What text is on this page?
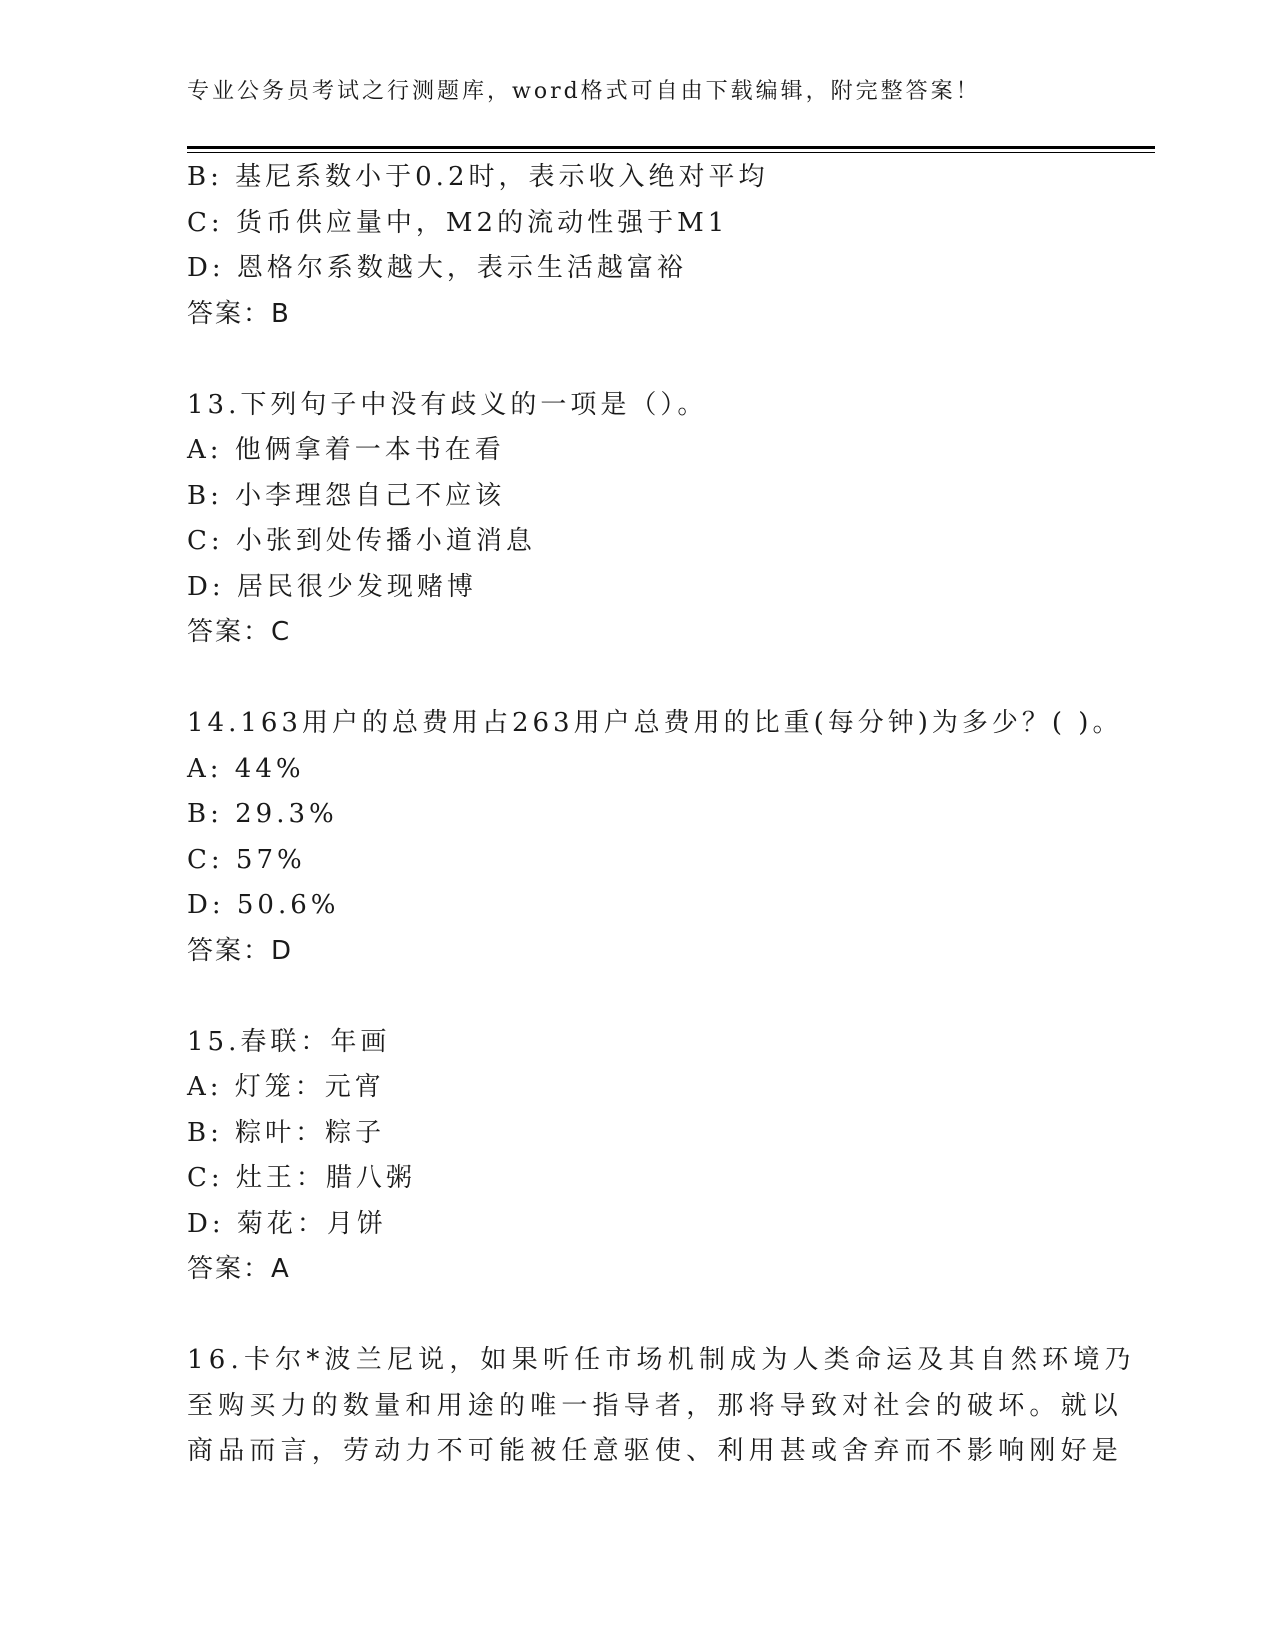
专业公务员考试之行测题库，word格式可自由下载编辑，附完整答案！
B: 基尼系数小于0.2时，表示收入绝对平均
C: 货币供应量中，M2的流动性强于M1
D: 恩格尔系数越大，表示生活越富裕
答案：B
13.下列句子中没有歧义的一项是（）。
A: 他俩拿着一本书在看
B: 小李理怨自己不应该
C: 小张到处传播小道消息
D: 居民很少发现赌博
答案：C
14.163用户的总费用占263用户总费用的比重(每分钟)为多少？( )。
A: 44%
B: 29.3%
C: 57%
D: 50.6%
答案：D
15.春联：年画
A: 灯笼：元宵
B: 粽叶：粽子
C: 灶王：腊八粥
D: 菊花：月饼
答案：A
16.卡尔*波兰尼说，如果听任市场机制成为人类命运及其自然环境乃
至购买力的数量和用途的唯一指导者，那将导致对社会的破坏。就以
商品而言，劳动力不可能被任意驱使、利用甚或舍弃而不影响刚好是
